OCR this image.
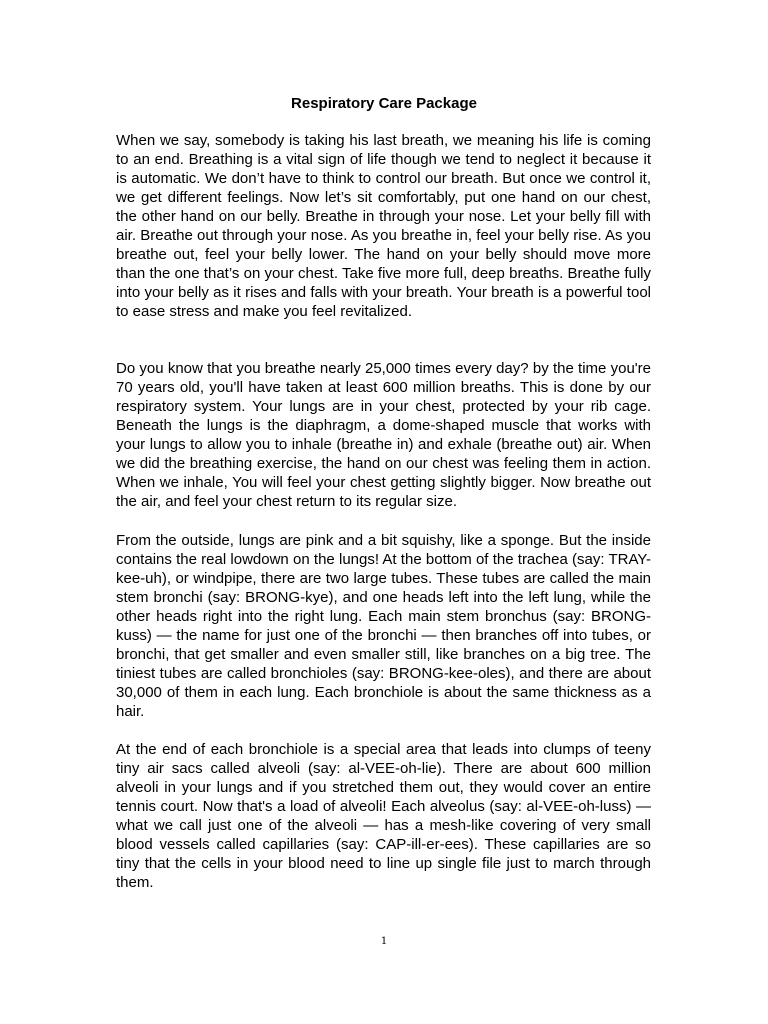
Respiratory Care Package

When we say, somebody is taking his last breath, we meaning his life is coming to an end. Breathing is a vital sign of life though we tend to neglect it because it is automatic. We don’t have to think to control our breath. But once we control it, we get different feelings. Now let’s sit comfortably, put one hand on our chest, the other hand on our belly. Breathe in through your nose. Let your belly fill with air. Breathe out through your nose. As you breathe in, feel your belly rise. As you breathe out, feel your belly lower. The hand on your belly should move more than the one that’s on your chest. Take five more full, deep breaths. Breathe fully into your belly as it rises and falls with your breath. Your breath is a powerful tool to ease stress and make you feel revitalized.

Do you know that you breathe nearly 25,000 times every day? by the time you're 70 years old, you'll have taken at least 600 million breaths. This is done by our respiratory system. Your lungs are in your chest, protected by your rib cage. Beneath the lungs is the diaphragm, a dome-shaped muscle that works with your lungs to allow you to inhale (breathe in) and exhale (breathe out) air. When we did the breathing exercise, the hand on our chest was feeling them in action. When we inhale, You will feel your chest getting slightly bigger. Now breathe out the air, and feel your chest return to its regular size.

From the outside, lungs are pink and a bit squishy, like a sponge. But the inside contains the real lowdown on the lungs! At the bottom of the trachea (say: TRAY-kee-uh), or windpipe, there are two large tubes. These tubes are called the main stem bronchi (say: BRONG-kye), and one heads left into the left lung, while the other heads right into the right lung. Each main stem bronchus (say: BRONG-kuss) — the name for just one of the bronchi — then branches off into tubes, or bronchi, that get smaller and even smaller still, like branches on a big tree. The tiniest tubes are called bronchioles (say: BRONG-kee-oles), and there are about 30,000 of them in each lung. Each bronchiole is about the same thickness as a hair.

At the end of each bronchiole is a special area that leads into clumps of teeny tiny air sacs called alveoli (say: al-VEE-oh-lie). There are about 600 million alveoli in your lungs and if you stretched them out, they would cover an entire tennis court. Now that's a load of alveoli! Each alveolus (say: al-VEE-oh-luss) — what we call just one of the alveoli — has a mesh-like covering of very small blood vessels called capillaries (say: CAP-ill-er-ees). These capillaries are so tiny that the cells in your blood need to line up single file just to march through them.

1
